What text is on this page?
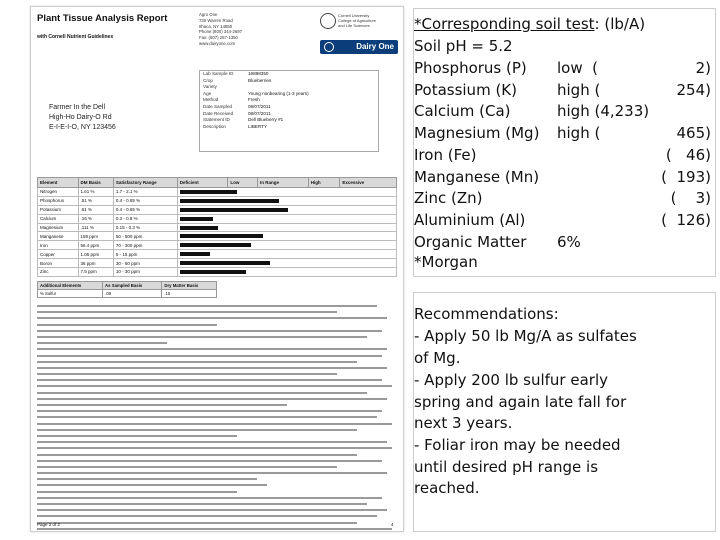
Plant Tissue Analysis Report
with Cornell Nutrient Guidelines
Agro One
730 Warren Road
Ithaca, NY 14850
Phone:(800) 344-2697
Fax: (607) 257-1350
www.dairyone.com
Cornell University
College of Agriculture
and Life Sciences
Dairy One
Lab Sample ID	16888350
Crop	Blueberries
Variety
Age	Young nonbearing (1-3 years)
Method	Fresh
Date Sampled	08/07/2011
Date Received	08/07/2011
Statement ID	Dell Blueberry #1
Description	LIBERTY
Farmer In the Dell
High-Ho Dairy-O Rd
E-I-E-I-O, NY 123456
Element	DM Basis	Satisfactory Range	Deficient	Low	In Range	High	Excessive
Nitrogen	1.61 %	1.7 - 2.1 %					

Phosphorus	.51 %	0.4 - 0.65 %					

Potassium	.61 %	0.4 - 0.65 %					

Calcium	.16 %	0.3 - 0.8 %					

Magnesium	.111 %	0.15 - 0.3 %					

Manganese	159 ppm	50 - 500 ppm					

Iron	56.4 ppm	70 - 300 ppm					

Copper	1.05 ppm	5 - 15 ppm					

Boron	36 ppm	30 - 60 ppm					

Zinc	7.5 ppm	10 - 30 ppm					
Additional Elements	As Sampled Basis	Dry Matter Basis
% Sulfur	.08	.15
Page 2 of 2	4
*Corresponding soil test: (lb/A)
Soil pH = 5.2
Phosphorus (P) low  (	2)
Potassium (K)	high (	254)
Calcium (Ca)	high (4,233)
Magnesium (Mg) high (	465)
Iron (Fe)	(   46)
Manganese (Mn)	(  193)
Zinc (Zn)	(    3)
Aluminium (Al)	(  126)
Organic Matter 6%
*Morgan
Recommendations:
- Apply 50 lb Mg/A as sulfates of Mg.
- Apply 200 lb sulfur early spring and again late fall for next 3 years.
- Foliar iron may be needed until desired pH range is reached.
